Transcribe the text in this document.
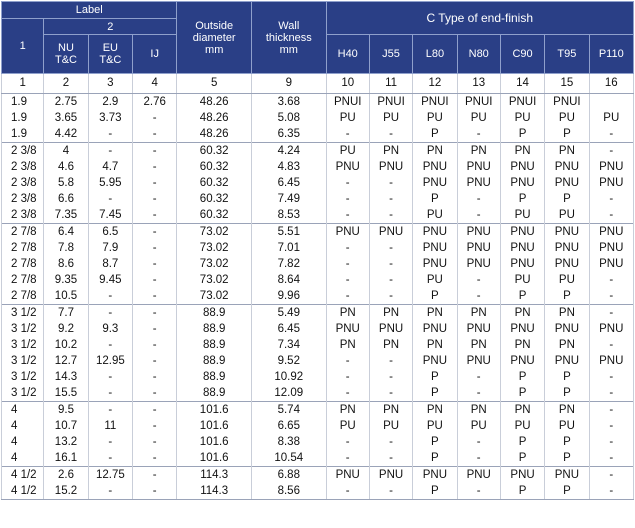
Label				Outside
diameter
mm	Wall
thickness
mm	C Type of end-finish						
1	2											
	NU
T&C	EU
T&C	IJ			H40	J55	L80	N80	C90	T95	P110
1	2	3	4	5	9	10	11	12	13	14	15	16
1.9	2.75	2.9	2.76	48.26	3.68	PNUI	PNUI	PNUI	PNUI	PNUI	PNUI	
1.9	3.65	3.73	-	48.26	5.08	PU	PU	PU	PU	PU	PU	PU
1.9	4.42	-	-	48.26	6.35	-	-	P	-	P	P	-
2 3/8	4	-	-	60.32	4.24	PU	PN	PN	PN	PN	PN	-
2 3/8	4.6	4.7	-	60.32	4.83	PNU	PNU	PNU	PNU	PNU	PNU	PNU
2 3/8	5.8	5.95	-	60.32	6.45	-	-	PNU	PNU	PNU	PNU	PNU
2 3/8	6.6	-	-	60.32	7.49	-	-	P	-	P	P	-
2 3/8	7.35	7.45	-	60.32	8.53	-	-	PU	-	PU	PU	-
2 7/8	6.4	6.5	-	73.02	5.51	PNU	PNU	PNU	PNU	PNU	PNU	PNU
2 7/8	7.8	7.9	-	73.02	7.01	-	-	PNU	PNU	PNU	PNU	PNU
2 7/8	8.6	8.7	-	73.02	7.82	-	-	PNU	PNU	PNU	PNU	PNU
2 7/8	9.35	9.45	-	73.02	8.64	-	-	PU	-	PU	PU	-
2 7/8	10.5	-	-	73.02	9.96	-	-	P	-	P	P	-
3 1/2	7.7	-	-	88.9	5.49	PN	PN	PN	PN	PN	PN	-
3 1/2	9.2	9.3	-	88.9	6.45	PNU	PNU	PNU	PNU	PNU	PNU	PNU
3 1/2	10.2	-	-	88.9	7.34	PN	PN	PN	PN	PN	PN	-
3 1/2	12.7	12.95	-	88.9	9.52	-	-	PNU	PNU	PNU	PNU	PNU
3 1/2	14.3	-	-	88.9	10.92	-	-	P	-	P	P	-
3 1/2	15.5	-	-	88.9	12.09	-	-	P	-	P	P	-
4	9.5	-	-	101.6	5.74	PN	PN	PN	PN	PN	PN	-
4	10.7	11	-	101.6	6.65	PU	PU	PU	PU	PU	PU	-
4	13.2	-	-	101.6	8.38	-	-	P	-	P	P	-
4	16.1	-	-	101.6	10.54	-	-	P	-	P	P	-
4 1/2	2.6	12.75	-	114.3	6.88	PNU	PNU	PNU	PNU	PNU	PNU	-
4 1/2	15.2	-	-	114.3	8.56	-	-	P	-	P	P	-
